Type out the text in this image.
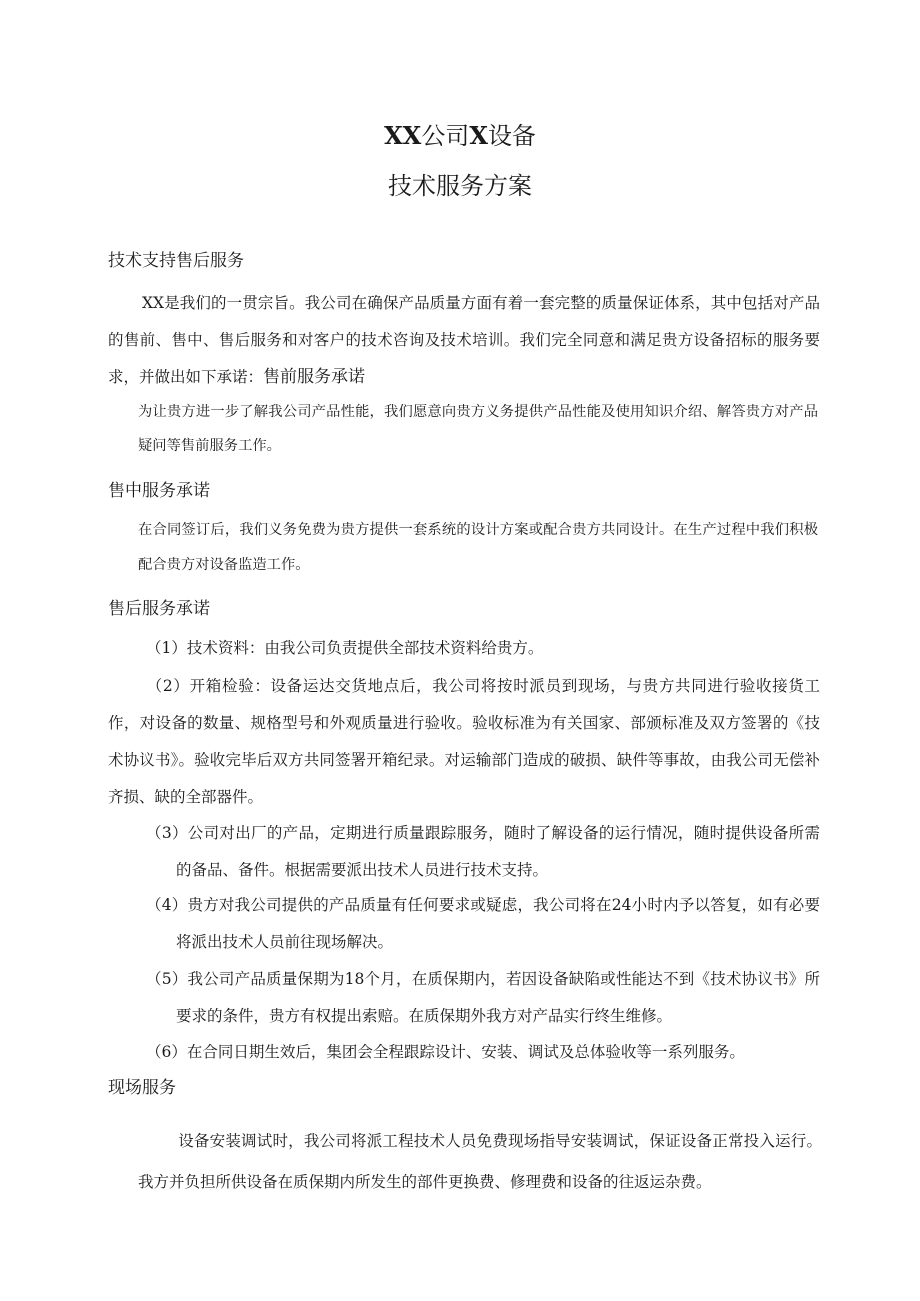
XX公司X设备
技术服务方案
技术支持售后服务
XX是我们的一贯宗旨。我公司在确保产品质量方面有着一套完整的质量保证体系，其中包括对产品的售前、售中、售后服务和对客户的技术咨询及技术培训。我们完全同意和满足贵方设备招标的服务要求，并做出如下承诺：售前服务承诺
为让贵方进一步了解我公司产品性能，我们愿意向贵方义务提供产品性能及使用知识介绍、解答贵方对产品疑问等售前服务工作。
售中服务承诺
在合同签订后，我们义务免费为贵方提供一套系统的设计方案或配合贵方共同设计。在生产过程中我们积极配合贵方对设备监造工作。
售后服务承诺
（1）技术资料：由我公司负责提供全部技术资料给贵方。
（2）开箱检验：设备运达交货地点后，我公司将按时派员到现场，与贵方共同进行验收接货工作，对设备的数量、规格型号和外观质量进行验收。验收标准为有关国家、部颁标准及双方签署的《技术协议书》。验收完毕后双方共同签署开箱纪录。对运输部门造成的破损、缺件等事故，由我公司无偿补齐损、缺的全部器件。
（3）公司对出厂的产品，定期进行质量跟踪服务，随时了解设备的运行情况，随时提供设备所需的备品、备件。根据需要派出技术人员进行技术支持。
（4）贵方对我公司提供的产品质量有任何要求或疑虑，我公司将在24小时内予以答复，如有必要将派出技术人员前往现场解决。
（5）我公司产品质量保期为18个月，在质保期内，若因设备缺陷或性能达不到《技术协议书》所要求的条件，贵方有权提出索赔。在质保期外我方对产品实行终生维修。
（6）在合同日期生效后，集团会全程跟踪设计、安装、调试及总体验收等一系列服务。
现场服务
设备安装调试时，我公司将派工程技术人员免费现场指导安装调试，保证设备正常投入运行。我方并负担所供设备在质保期内所发生的部件更换费、修理费和设备的往返运杂费。
